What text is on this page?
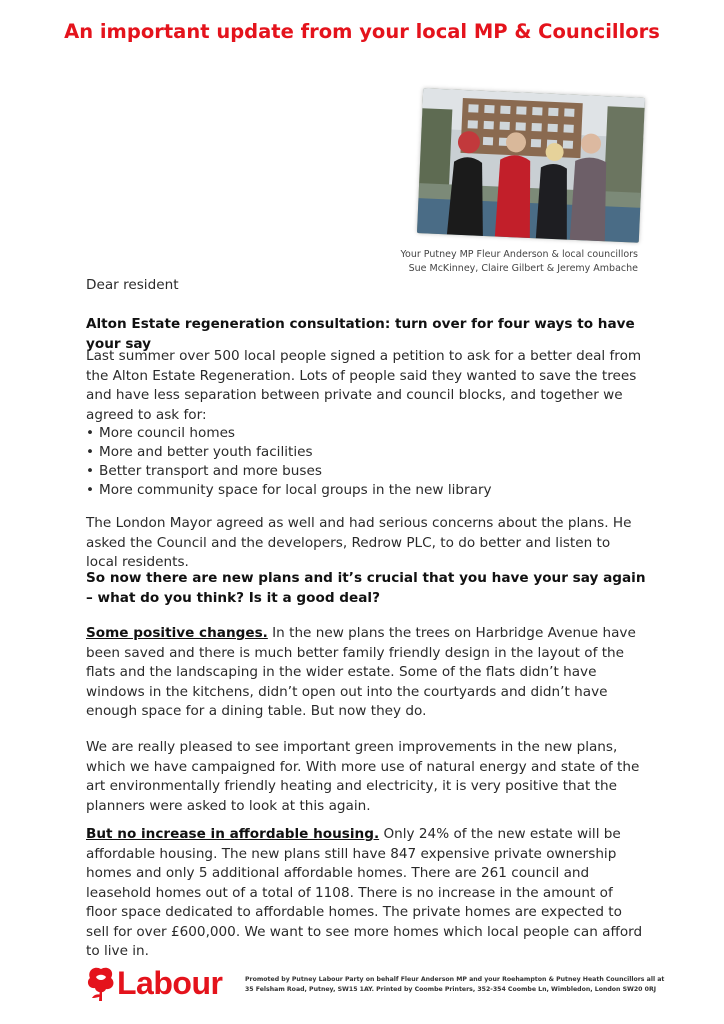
An important update from your local MP & Councillors
Your Putney MP Fleur Anderson & local councillors
Sue McKinney, Claire Gilbert & Jeremy Ambache
Dear resident
Alton Estate regeneration consultation: turn over for four ways to have your say
Last summer over 500 local people signed a petition to ask for a better deal from the Alton Estate Regeneration. Lots of people said they wanted to save the trees and have less separation between private and council blocks, and together we agreed to ask for:
• More council homes
• More and better youth facilities
• Better transport and more buses
• More community space for local groups in the new library
The London Mayor agreed as well and had serious concerns about the plans. He asked the Council and the developers, Redrow PLC, to do better and listen to local residents.
So now there are new plans and it’s crucial that you have your say again – what do you think? Is it a good deal?
Some positive changes. In the new plans the trees on Harbridge Avenue have been saved and there is much better family friendly design in the layout of the flats and the landscaping in the wider estate. Some of the flats didn’t have windows in the kitchens, didn’t open out into the courtyards and didn’t have enough space for a dining table. But now they do.
We are really pleased to see important green improvements in the new plans, which we have campaigned for. With more use of natural energy and state of the art environmentally friendly heating and electricity, it is very positive that the planners were asked to look at this again.
But no increase in affordable housing. Only 24% of the new estate will be affordable housing. The new plans still have 847 expensive private ownership homes and only 5 additional affordable homes. There are 261 council and leasehold homes out of a total of 1108. There is no increase in the amount of floor space dedicated to affordable homes. The private homes are expected to sell for over £600,000. We want to see more homes which local people can afford to live in.
Labour	Promoted by Putney Labour Party on behalf Fleur Anderson MP and your Roehampton & Putney Heath Councillors all at
35 Felsham Road, Putney, SW15 1AY. Printed by Coombe Printers, 352-354 Coombe Ln, Wimbledon, London SW20 0RJ
